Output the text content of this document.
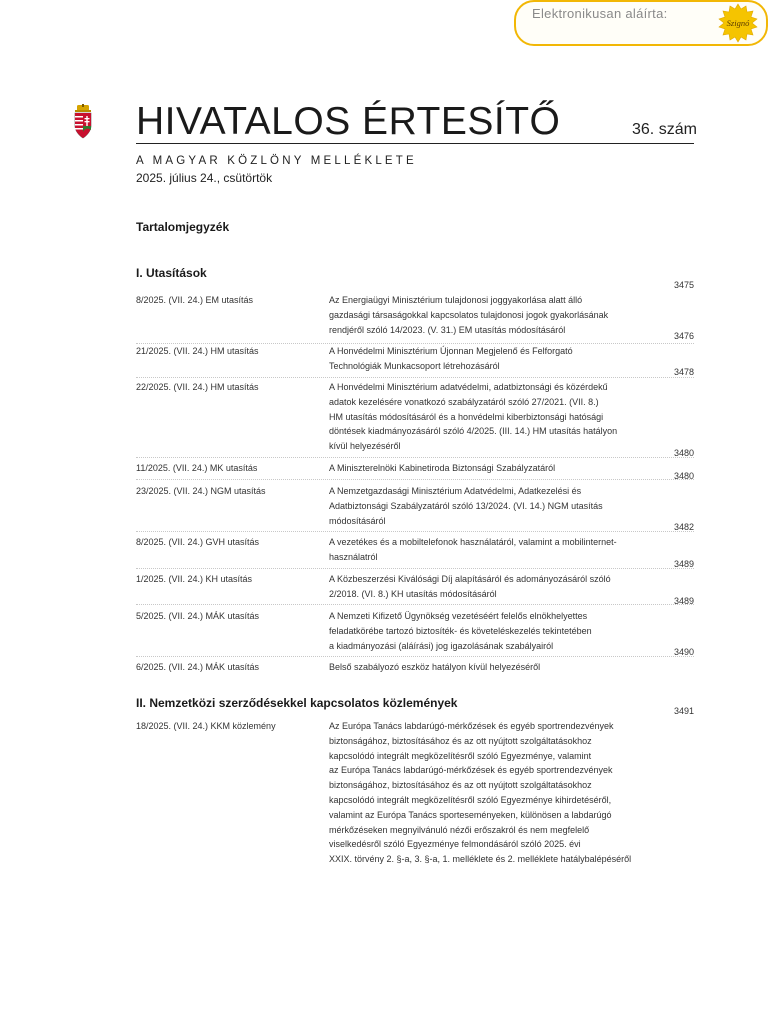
Elektronikusan aláírta:
Szignó
HIVATALOS ÉRTESÍTŐ	36. szám
A MAGYAR KÖZLÖNY MELLÉKLETE
2025. július 24., csütörtök
Tartalomjegyzék
I. Utasítások
8/2025. (VII. 24.) EM utasítás	Az Energiaügyi Minisztérium tulajdonosi joggyakorlása alatt álló
gazdasági társaságokkal kapcsolatos tulajdonosi jogok gyakorlásának
rendjéről szóló 14/2023. (V. 31.) EM utasítás módosításáról
3475
21/2025. (VII. 24.) HM utasítás	A Honvédelmi Minisztérium Újonnan Megjelenő és Felforgató
Technológiák Munkacsoport létrehozásáról
3476
22/2025. (VII. 24.) HM utasítás	A Honvédelmi Minisztérium adatvédelmi, adatbiztonsági és közérdekű
adatok kezelésére vonatkozó szabályzatáról szóló 27/2021. (VII. 8.)
HM utasítás módosításáról és a honvédelmi kiberbiztonsági hatósági
döntések kiadmányozásáról szóló 4/2025. (III. 14.) HM utasítás hatályon
kívül helyezéséről
3478
11/2025. (VII. 24.) MK utasítás	A Miniszterelnöki Kabinetiroda Biztonsági Szabályzatáról
3480
23/2025. (VII. 24.) NGM utasítás	A Nemzetgazdasági Minisztérium Adatvédelmi, Adatkezelési és
Adatbiztonsági Szabályzatáról szóló 13/2024. (VI. 14.) NGM utasítás
módosításáról
3480
8/2025. (VII. 24.) GVH utasítás	A vezetékes és a mobiltelefonok használatáról, valamint a mobilinternet-
használatról
3482
1/2025. (VII. 24.) KH utasítás	A Közbeszerzési Kiválósági Díj alapításáról és adományozásáról szóló
2/2018. (VI. 8.) KH utasítás módosításáról
3489
5/2025. (VII. 24.) MÁK utasítás	A Nemzeti Kifizető Ügynökség vezetéséért felelős elnökhelyettes
feladatkörébe tartozó biztosíték- és követeléskezelés tekintetében
a kiadmányozási (aláírási) jog igazolásának szabályairól
3489
6/2025. (VII. 24.) MÁK utasítás	Belső szabályozó eszköz hatályon kívül helyezéséről
3490
II. Nemzetközi szerződésekkel kapcsolatos közlemények
18/2025. (VII. 24.) KKM közlemény	Az Európa Tanács labdarúgó-mérkőzések és egyéb sportrendezvények
biztonságához, biztosításához és az ott nyújtott szolgáltatásokhoz
kapcsolódó integrált megközelítésről szóló Egyezménye, valamint
az Európa Tanács labdarúgó-mérkőzések és egyéb sportrendezvények
biztonságához, biztosításához és az ott nyújtott szolgáltatásokhoz
kapcsolódó integrált megközelítésről szóló Egyezménye kihirdetéséről,
valamint az Európa Tanács sporteseményeken, különösen a labdarúgó
mérkőzéseken megnyilvánuló nézői erőszakról és nem megfelelő
viselkedésről szóló Egyezménye felmondásáról szóló 2025. évi
XXIX. törvény 2. §-a, 3. §-a, 1. melléklete és 2. melléklete hatálybalépéséről
3491
